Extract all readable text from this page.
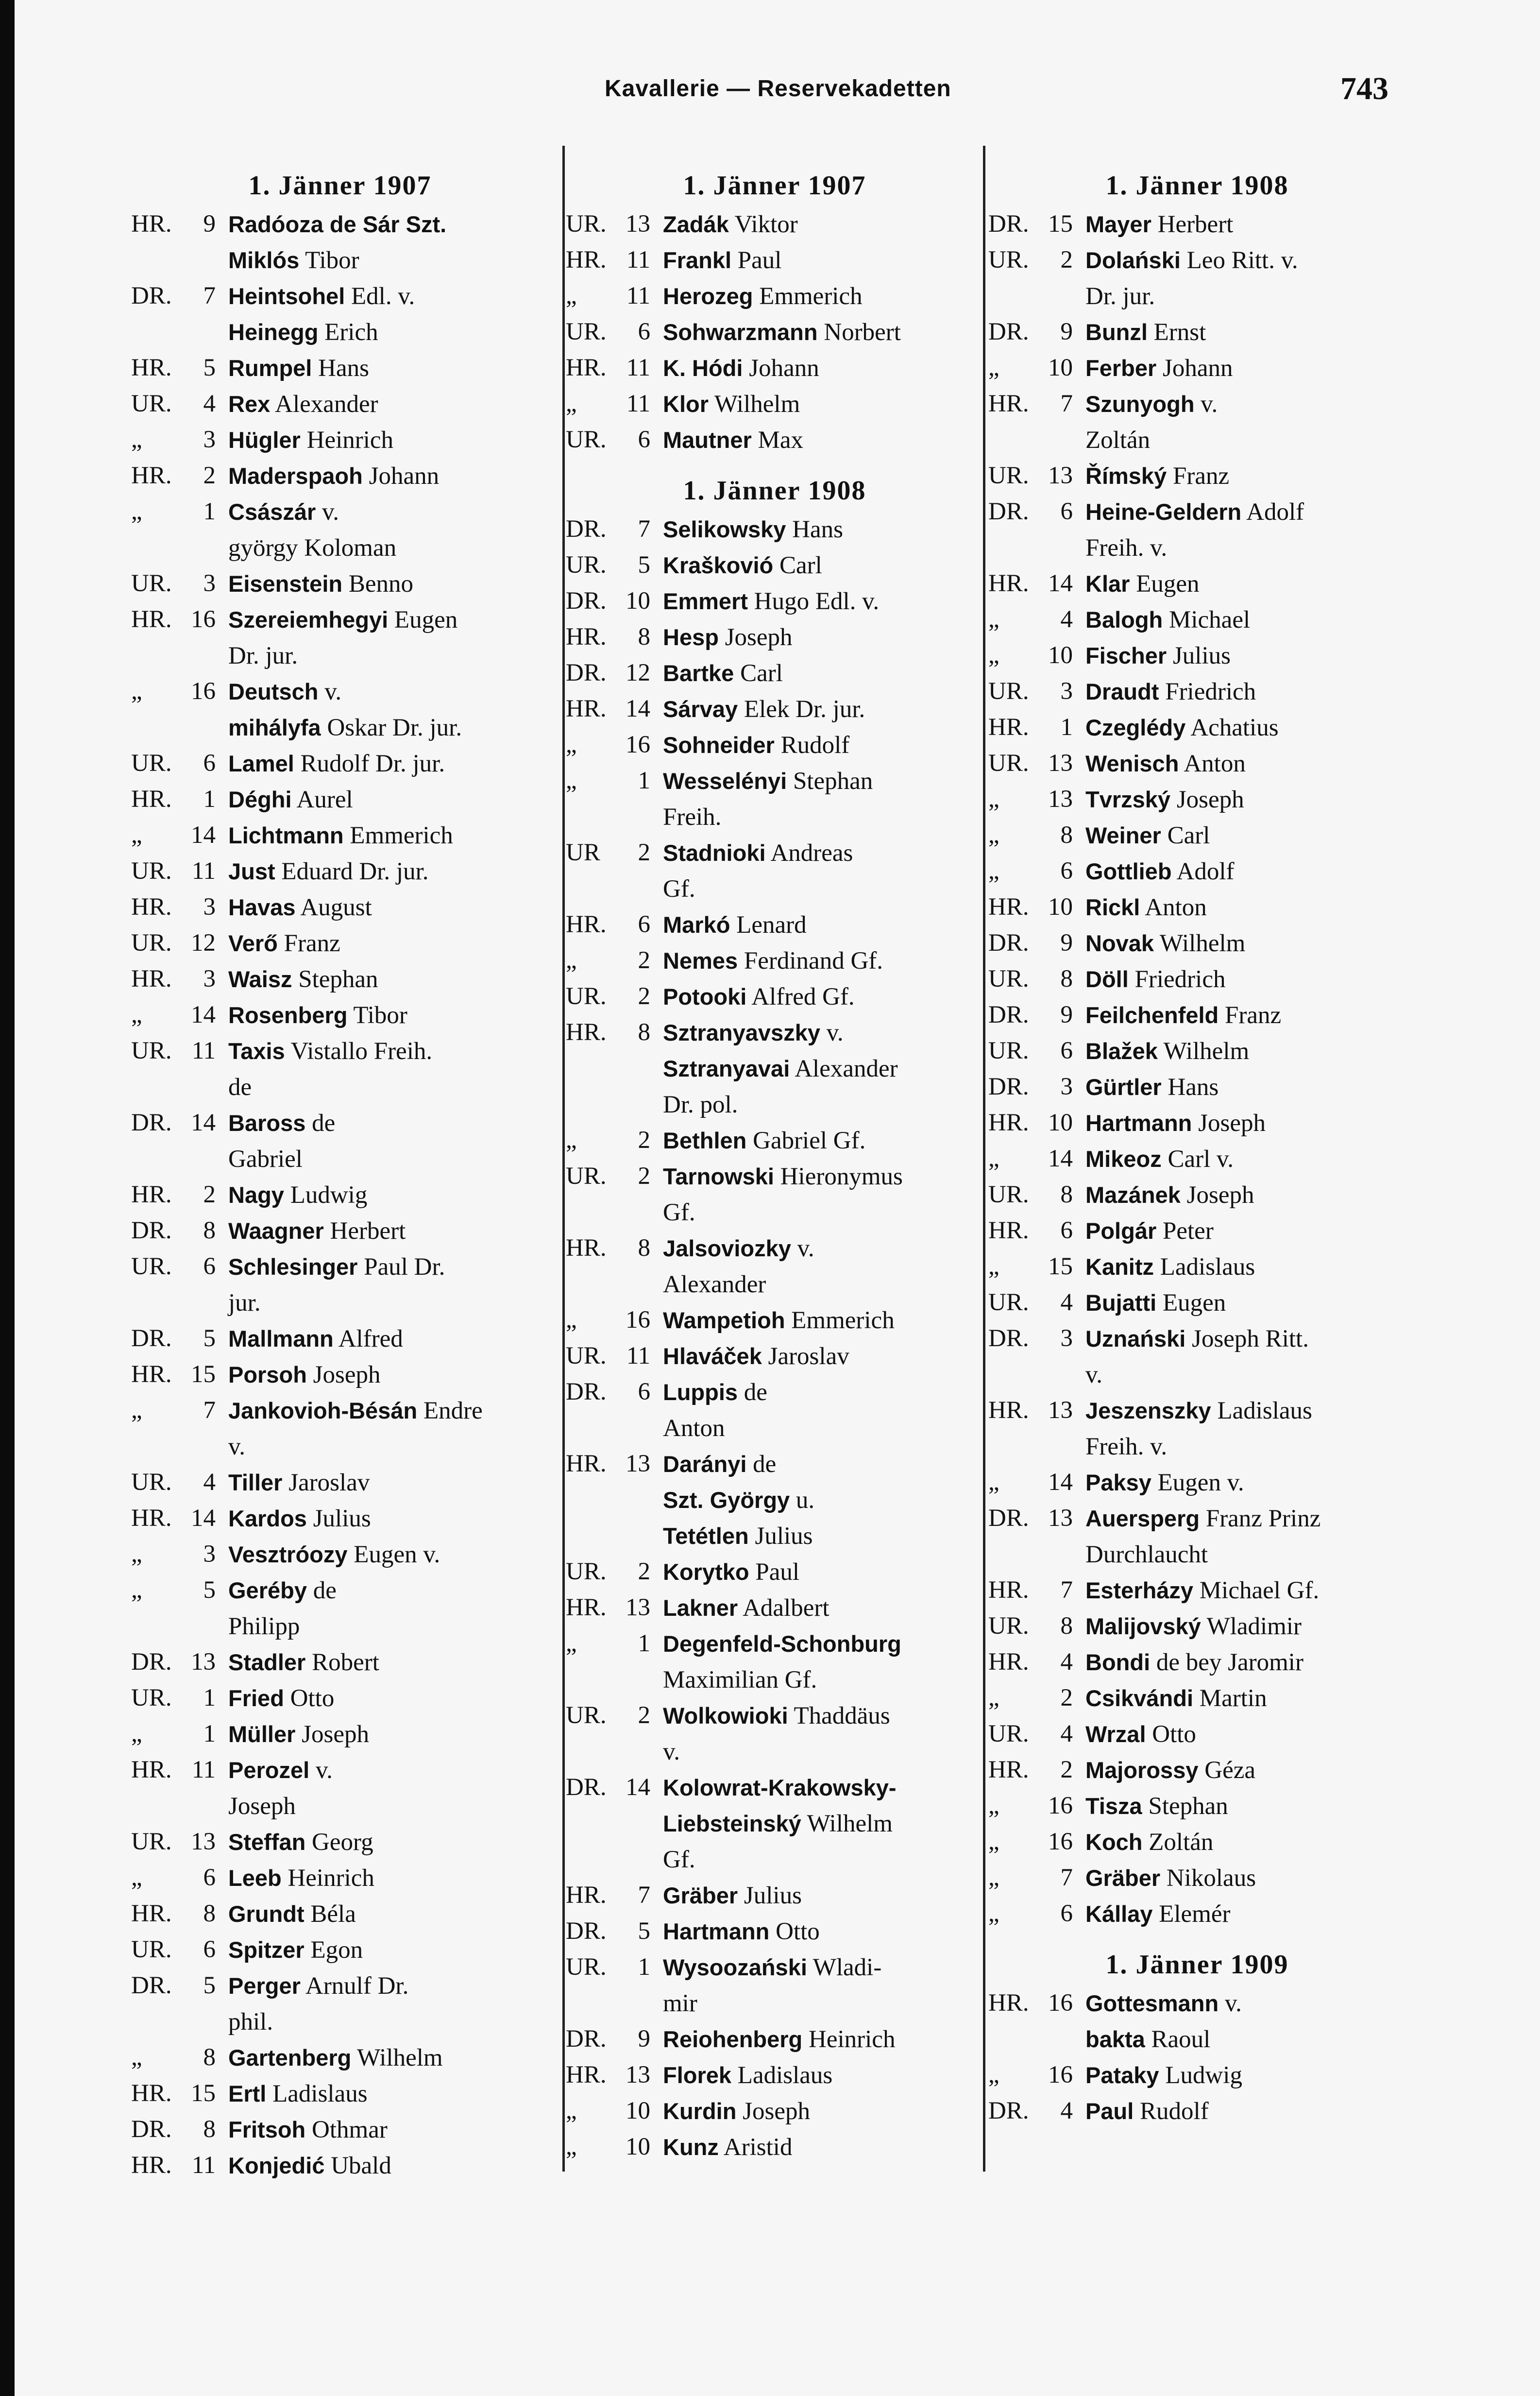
Kavallerie — Reservekadetten	743
1. Jänner 1907
HR.	9 Radóoza de Sár Szt.
Miklós Tibor
DR.	7 Heintsohel Edl. v.
Heinegg Erich
HR.	5 Rumpel Hans
UR.	4 Rex Alexander
„	3 Hügler Heinrich
HR.	2 Maderspaoh Johann
„	1 Császár v.
györgy Koloman
UR.	3 Eisenstein Benno
HR. 16 Szereiemhegyi Eugen
Dr. jur.
„	16 Deutsch v.
mihályfa Oskar Dr. jur.
UR.	6 Lamel Rudolf Dr. jur.
HR.	1 Déghi Aurel
„	14 Lichtmann Emmerich
UR. 11 Just Eduard Dr. jur.
HR.	3 Havas August
UR. 12 Verő Franz
HR.	3 Waisz Stephan
„	14 Rosenberg Tibor
UR. 11 Taxis Vistallo Freih.
de
DR. 14 Baross de
Gabriel
HR.	2 Nagy Ludwig
DR.	8 Waagner Herbert
UR.	6 Schlesinger Paul Dr.
jur.
DR.	5 Mallmann Alfred
HR. 15 Porsoh Joseph
„	7 Jankovioh-Bésán Endre
v.
UR.	4 Tiller Jaroslav
HR. 14 Kardos Julius
„	3 Vesztróozy Eugen v.
„	5 Geréby de
Philipp
DR. 13 Stadler Robert
UR.	1 Fried Otto
„	1 Müller Joseph
HR. 11 Perozel v.
Joseph
UR. 13 Steffan Georg
„	6 Leeb Heinrich
HR.	8 Grundt Béla
UR.	6 Spitzer Egon
DR.	5 Perger Arnulf Dr.
phil.
„	8 Gartenberg Wilhelm
HR. 15 Ertl Ladislaus
DR.	8 Fritsoh Othmar
HR. 11 Konjedić Ubald
1. Jänner 1907
UR. 13 Zadák Viktor
HR. 11 Frankl Paul
„	11 Herozeg Emmerich
UR.	6 Sohwarzmann Norbert
HR. 11 K. Hódi Johann
„	11 Klor Wilhelm
UR.	6 Mautner Max
1. Jänner 1908
DR.	7 Selikowsky Hans
UR.	5 Kraškovió Carl
DR. 10 Emmert Hugo Edl. v.
HR.	8 Hesp Joseph
DR. 12 Bartke Carl
HR. 14 Sárvay Elek Dr. jur.
„	16 Sohneider Rudolf
„	1 Wesselényi Stephan
Freih.
UR	2 Stadnioki Andreas
Gf.
HR.	6 Markó Lenard
„	2 Nemes Ferdinand Gf.
UR.	2 Potooki Alfred Gf.
HR.	8 Sztranyavszky v.
Sztranyavai Alexander
Dr. pol.
„	2 Bethlen Gabriel Gf.
UR.	2 Tarnowski Hieronymus
Gf.
HR.	8 Jalsoviozky v.
Alexander
„	16 Wampetioh Emmerich
UR. 11 Hlaváček Jaroslav
DR.	6 Luppis de
Anton
HR. 13 Darányi de
Szt. György u.
Tetétlen Julius
UR.	2 Korytko Paul
HR. 13 Lakner Adalbert
„	1 Degenfeld-Schonburg
Maximilian Gf.
UR.	2 Wolkowioki Thaddäus
v.
DR. 14 Kolowrat-Krakowsky-
Liebsteinský Wilhelm
Gf.
HR.	7 Gräber Julius
DR.	5 Hartmann Otto
UR.	1 Wysoozański Wladi-
mir
DR.	9 Reiohenberg Heinrich
HR. 13 Florek Ladislaus
„	10 Kurdin Joseph
„	10 Kunz Aristid
1. Jänner 1908
DR. 15 Mayer Herbert
UR.	2 Dolański Leo Ritt. v.
Dr. jur.
DR.	9 Bunzl Ernst
„	10 Ferber Johann
HR.	7 Szunyogh v.
Zoltán
UR. 13 Římský Franz
DR.	6 Heine-Geldern Adolf
Freih. v.
HR. 14 Klar Eugen
„	4 Balogh Michael
„	10 Fischer Julius
UR.	3 Draudt Friedrich
HR.	1 Czeglédy Achatius
UR. 13 Wenisch Anton
„	13 Tvrzský Joseph
„	8 Weiner Carl
„	6 Gottlieb Adolf
HR. 10 Rickl Anton
DR.	9 Novak Wilhelm
UR.	8 Döll Friedrich
DR.	9 Feilchenfeld Franz
UR.	6 Blažek Wilhelm
DR.	3 Gürtler Hans
HR. 10 Hartmann Joseph
„	14 Mikeoz Carl v.
UR.	8 Mazánek Joseph
HR.	6 Polgár Peter
„	15 Kanitz Ladislaus
UR.	4 Bujatti Eugen
DR.	3 Uznański Joseph Ritt.
v.
HR. 13 Jeszenszky Ladislaus
Freih. v.
„	14 Paksy Eugen v.
DR. 13 Auersperg Franz Prinz
Durchlaucht
HR.	7 Esterházy Michael Gf.
UR.	8 Malijovský Wladimir
HR.	4 Bondi de bey Jaromir
„	2 Csikvándi Martin
UR.	4 Wrzal Otto
HR.	2 Majorossy Géza
„	16 Tisza Stephan
„	16 Koch Zoltán
„	7 Gräber Nikolaus
„	6 Kállay Elemér
1. Jänner 1909
HR. 16 Gottesmann v.
bakta Raoul
„	16 Pataky Ludwig
DR.	4 Paul Rudolf
